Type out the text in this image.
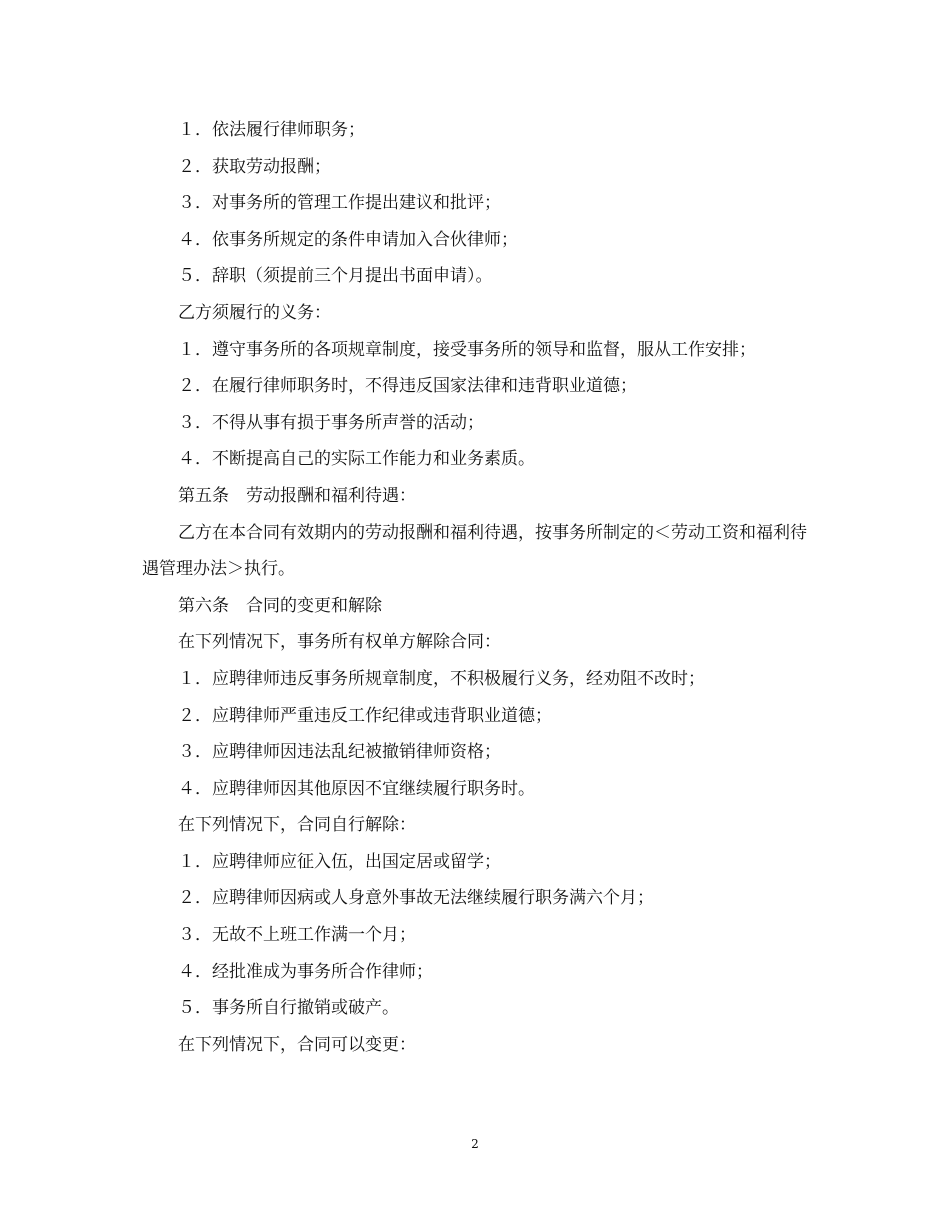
１．依法履行律师职务；

２．获取劳动报酬；

３．对事务所的管理工作提出建议和批评；

４．依事务所规定的条件申请加入合伙律师；

５．辞职（须提前三个月提出书面申请）。

乙方须履行的义务：

１．遵守事务所的各项规章制度，接受事务所的领导和监督，服从工作安排；

２．在履行律师职务时，不得违反国家法律和违背职业道德；

３．不得从事有损于事务所声誉的活动；

４．不断提高自己的实际工作能力和业务素质。

第五条　劳动报酬和福利待遇：

乙方在本合同有效期内的劳动报酬和福利待遇，按事务所制定的＜劳动工资和福利待遇管理办法＞执行。

第六条　合同的变更和解除

在下列情况下，事务所有权单方解除合同：

１．应聘律师违反事务所规章制度，不积极履行义务，经劝阻不改时；

２．应聘律师严重违反工作纪律或违背职业道德；

３．应聘律师因违法乱纪被撤销律师资格；

４．应聘律师因其他原因不宜继续履行职务时。

在下列情况下，合同自行解除：

１．应聘律师应征入伍，出国定居或留学；

２．应聘律师因病或人身意外事故无法继续履行职务满六个月；

３．无故不上班工作满一个月；

４．经批准成为事务所合作律师；

５．事务所自行撤销或破产。

在下列情况下，合同可以变更：

2
